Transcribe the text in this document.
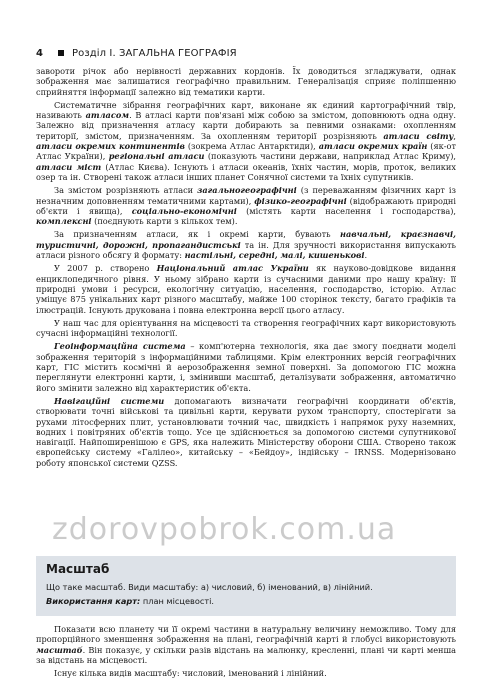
4	Розділ І. ЗАГАЛЬНА ГЕОГРАФІЯ

завороти річок або нерівності державних кордонів. Їх доводиться згладжувати, однак зображення має залишатися географічно правильним. Генералізація сприяє поліпшенню сприйняття інформації залежно від тематики карти.

Систематичне зібрання географічних карт, виконане як єдиний картографічний твір, називають атласом. В атласі карти пов'язані між собою за змістом, доповнюють одна одну. Залежно від призначення атласу карти добирають за певними ознаками: охопленням території, змістом, призначенням. За охопленням території розрізняють атласи світу, атласи окремих континентів (зокрема Атлас Антарктиди), атласи окремих країн (як-от Атлас України), регіональні атласи (показують частини держави, наприклад Атлас Криму), атласи міст (Атлас Києва). Існують і атласи океанів, їхніх частин, морів, проток, великих озер та ін. Створені також атласи інших планет Сонячної системи та їхніх супутників.

За змістом розрізняють атласи загальногеографічні (з переважанням фізичних карт із незначним доповненням тематичними картами), фізико-географічні (відображають природні об'єкти і явища), соціально-економічні (містять карти населення і господарства), комплексні (поєднують карти з кількох тем).

За призначенням атласи, як і окремі карти, бувають навчальні, краєзнавчі, туристичні, дорожні, пропагандистські та ін. Для зручності використання випускають атласи різного обсягу й формату: настільні, середні, малі, кишенькові.

У 2007 р. створено Національний атлас України як науково-довідкове видання енциклопедичного рівня. У ньому зібрано карти із сучасними даними про нашу країну: її природні умови і ресурси, екологічну ситуацію, населення, господарство, історію. Атлас уміщує 875 унікальних карт різного масштабу, майже 100 сторінок тексту, багато графіків та ілюстрацій. Існують друкована і повна електронна версії цього атласу.

У наш час для орієнтування на місцевості та створення географічних карт використовують сучасні інформаційні технології.

Геоінформаційна система – комп'ютерна технологія, яка дає змогу поєднати моделі зображення територій з інформаційними таблицями. Крім електронних версій географічних карт, ГІС містить космічні й аерозображення земної поверхні. За допомогою ГІС можна переглянути електронні карти, і, змінивши масштаб, деталізувати зображення, автоматично його змінити залежно від характеристик об'єкта.

Навігаційні системи допомагають визначати географічні координати об'єктів, створювати точні військові та цивільні карти, керувати рухом транспорту, спостерігати за рухами літосферних плит, установлювати точний час, швидкість і напрямок руху наземних, водних і повітряних об'єктів тощо. Усе це здійснюється за допомогою системи супутникової навігації. Найпоширенішою є GPS, яка належить Міністерству оборони США. Створено також європейську систему «Галілео», китайську – «Бейдоу», індійську – IRNSS. Модернізовано роботу японської системи QZSS.

zdorovpobrok.com.ua
Масштаб
Що таке масштаб. Види масштабу: а) числовий, б) іменований, в) лінійний.
Використання карт: план місцевості.

Показати всю планету чи її окремі частини в натуральну величину неможливо. Тому для пропорційного зменшення зображення на плані, географічній карті й глобусі використовують масштаб. Він показує, у скільки разів відстань на малюнку, кресленні, плані чи карті менша за відстань на місцевості.

Існує кілька видів масштабу: числовий, іменований і лінійний.
